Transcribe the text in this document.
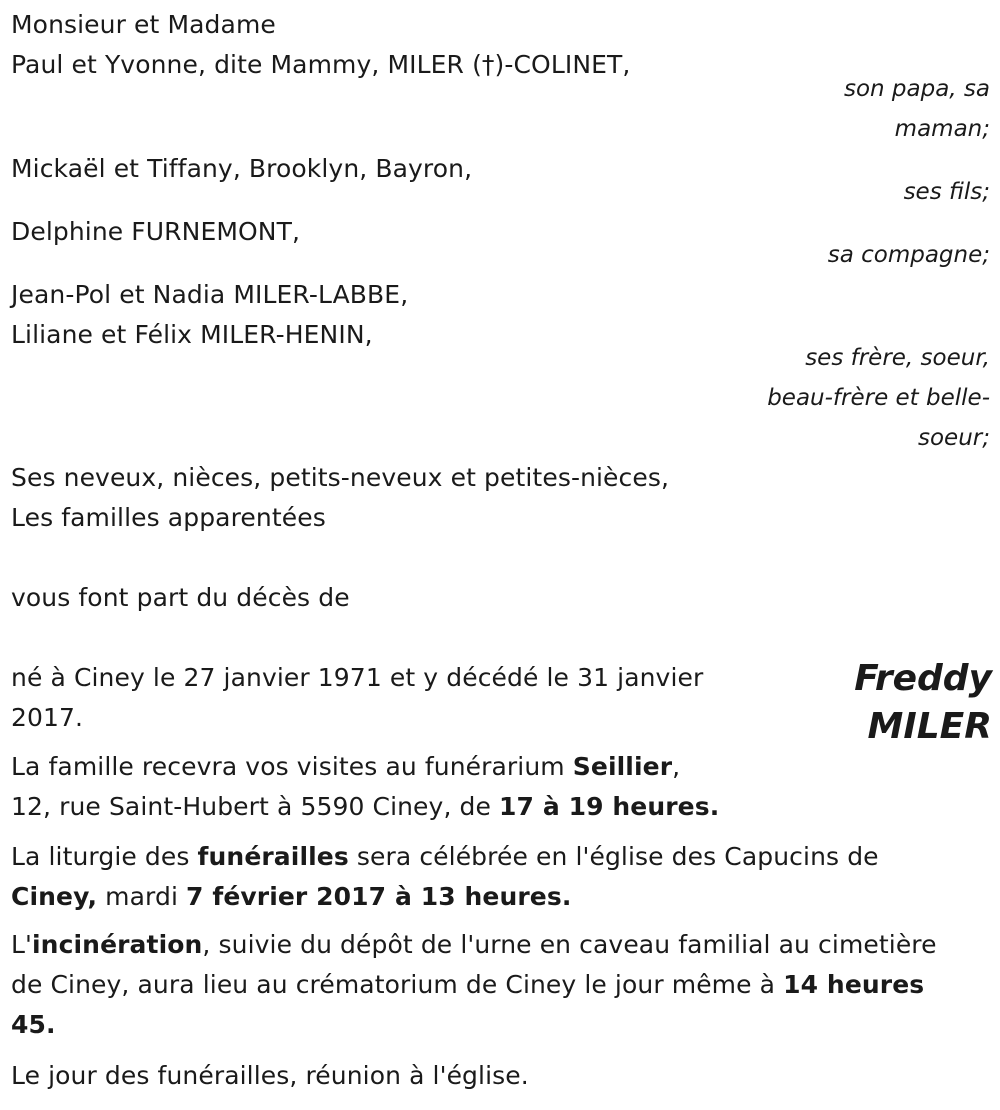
Monsieur et Madame
Paul et Yvonne, dite Mammy, MILER (†)-COLINET,
son papa, sa
maman;
Mickaël et Tiffany, Brooklyn, Bayron,
ses fils;
Delphine FURNEMONT,
sa compagne;
Jean-Pol et Nadia MILER-LABBE,
Liliane et Félix MILER-HENIN,
ses frère, soeur,
beau-frère et belle-
soeur;
Ses neveux, nièces, petits-neveux et petites-nièces,
Les familles apparentées
vous font part du décès de
Freddy
MILER
né à Ciney le 27 janvier 1971 et y décédé le 31 janvier
2017.
La famille recevra vos visites au funérarium Seillier,
12, rue Saint-Hubert à 5590 Ciney, de 17 à 19 heures.
La liturgie des funérailles sera célébrée en l'église des Capucins de
Ciney, mardi 7 février 2017 à 13 heures.
L'incinération, suivie du dépôt de l'urne en caveau familial au cimetière
de Ciney, aura lieu au crématorium de Ciney le jour même à 14 heures
45.
Le jour des funérailles, réunion à l'église.
